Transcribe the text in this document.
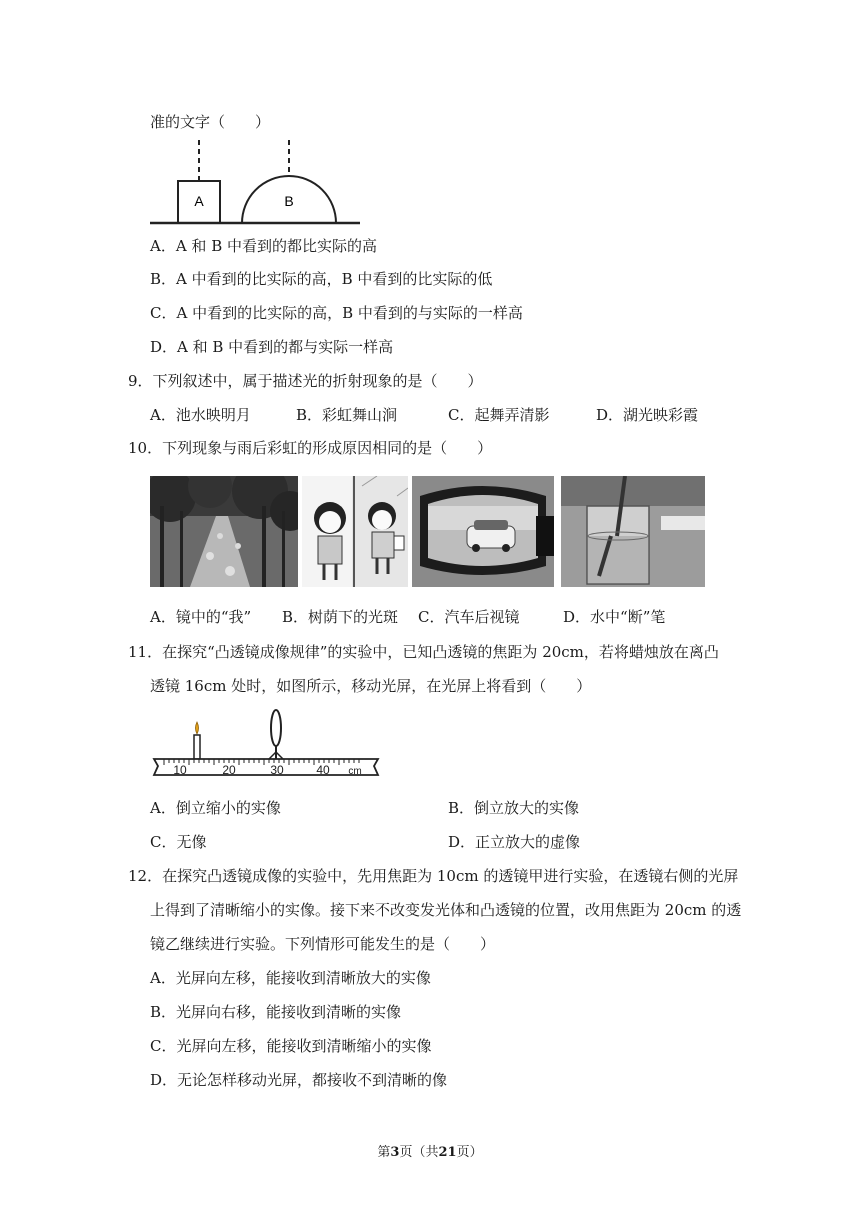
准的文字（　　）
A	B
A．A 和 B 中看到的都比实际的高
B．A 中看到的比实际的高，B 中看到的比实际的低
C．A 中看到的比实际的高，B 中看到的与实际的一样高
D．A 和 B 中看到的都与实际一样高
9．下列叙述中，属于描述光的折射现象的是（　　）
A．池水映明月	B．彩虹舞山涧	C．起舞弄清影	D．湖光映彩霞
10．下列现象与雨后彩虹的形成原因相同的是（　　）
A．镜中的“我” B．树荫下的光斑 C．汽车后视镜	D．水中“断”笔
11．在探究“凸透镜成像规律”的实验中，已知凸透镜的焦距为 20cm，若将蜡烛放在离凸
透镜 16cm 处时，如图所示，移动光屏，在光屏上将看到（　　）
10	20	30	40 cm
A．倒立缩小的实像	B．倒立放大的实像
C．无像	D．正立放大的虚像
12．在探究凸透镜成像的实验中，先用焦距为 10cm 的透镜甲进行实验，在透镜右侧的光屏
上得到了清晰缩小的实像。接下来不改变发光体和凸透镜的位置，改用焦距为 20cm 的透
镜乙继续进行实验。下列情形可能发生的是（　　）
A．光屏向左移，能接收到清晰放大的实像
B．光屏向右移，能接收到清晰的实像
C．光屏向左移，能接收到清晰缩小的实像
D．无论怎样移动光屏，都接收不到清晰的像
第3页（共21页）
